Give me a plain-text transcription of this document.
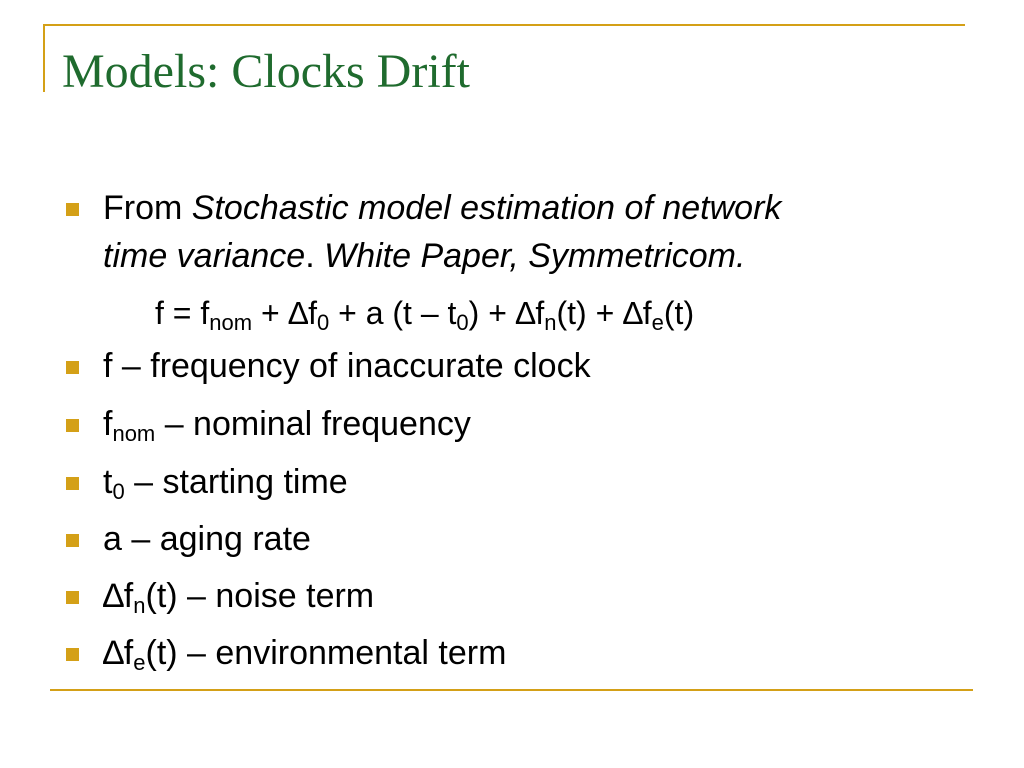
Models: Clocks Drift
From Stochastic model estimation of network
time variance. White Paper, Symmetricom.
$f = f_{nom} + \Delta f_0 + a$ $(t - t_0) + \Delta f_n(t) + \Delta f_e(t)$
f – frequency of inaccurate clock
$f_{nom}$ – nominal frequency
$t_0$ – starting time
a – aging rate
$\Delta f_n(t)$ – noise term
$\Delta f_e(t)$ – environmental term
